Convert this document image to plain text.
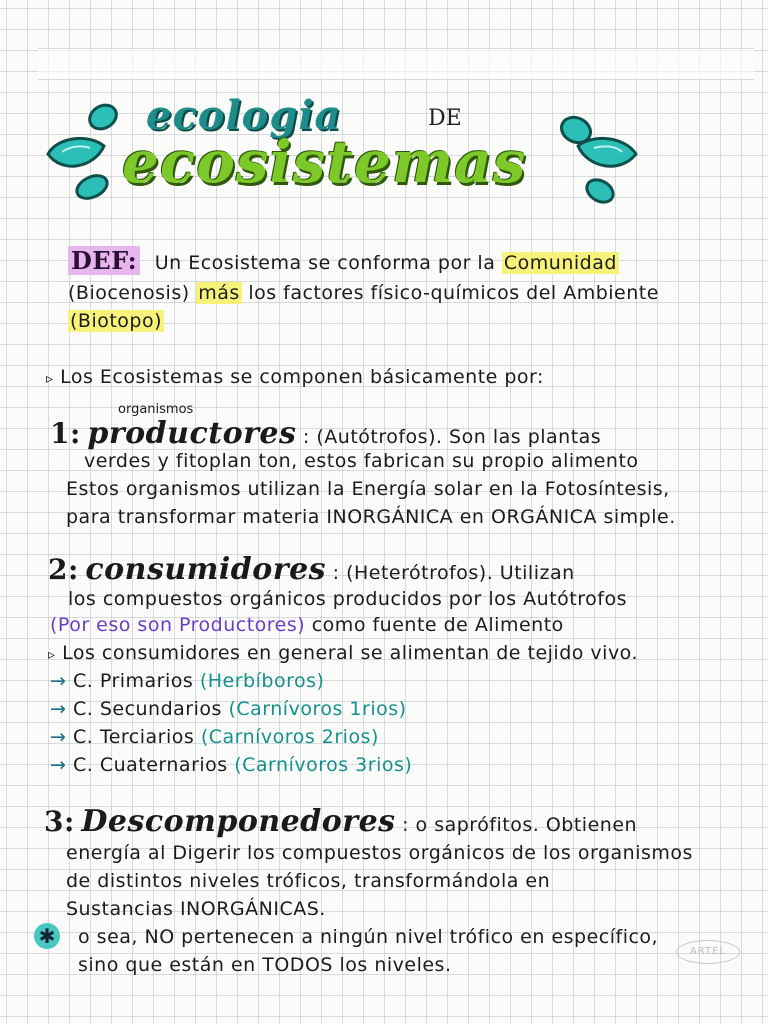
ecologia	DE
ecosistemas
DEF: Un Ecosistema se conforma por la Comunidad
(Biocenosis) más los factores físico-químicos del Ambiente
(Biotopo)
▹ Los Ecosistemas se componen básicamente por:
organismos
1: productores : (Autótrofos). Son las plantas
verdes y fitoplan ton, estos fabrican su propio alimento
Estos organismos utilizan la Energía solar en la Fotosíntesis,
para transformar materia INORGÁNICA en ORGÁNICA simple.
2: consumidores : (Heterótrofos). Utilizan
los compuestos orgánicos producidos por los Autótrofos
(Por eso son Productores) como fuente de Alimento
▹ Los consumidores en general se alimentan de tejido vivo.
→ C. Primarios (Herbíboros)
→ C. Secundarios (Carnívoros 1rios)
→ C. Terciarios (Carnívoros 2rios)
→ C. Cuaternarios (Carnívoros 3rios)
3: Descomponedores : o saprófitos. Obtienen
energía al Digerir los compuestos orgánicos de los organismos
de distintos niveles tróficos, transformándola en
Sustancias INORGÁNICAS.
✱ o sea, NO pertenecen a ningún nivel trófico en específico,
sino que están en TODOS los niveles.
ARTEL
